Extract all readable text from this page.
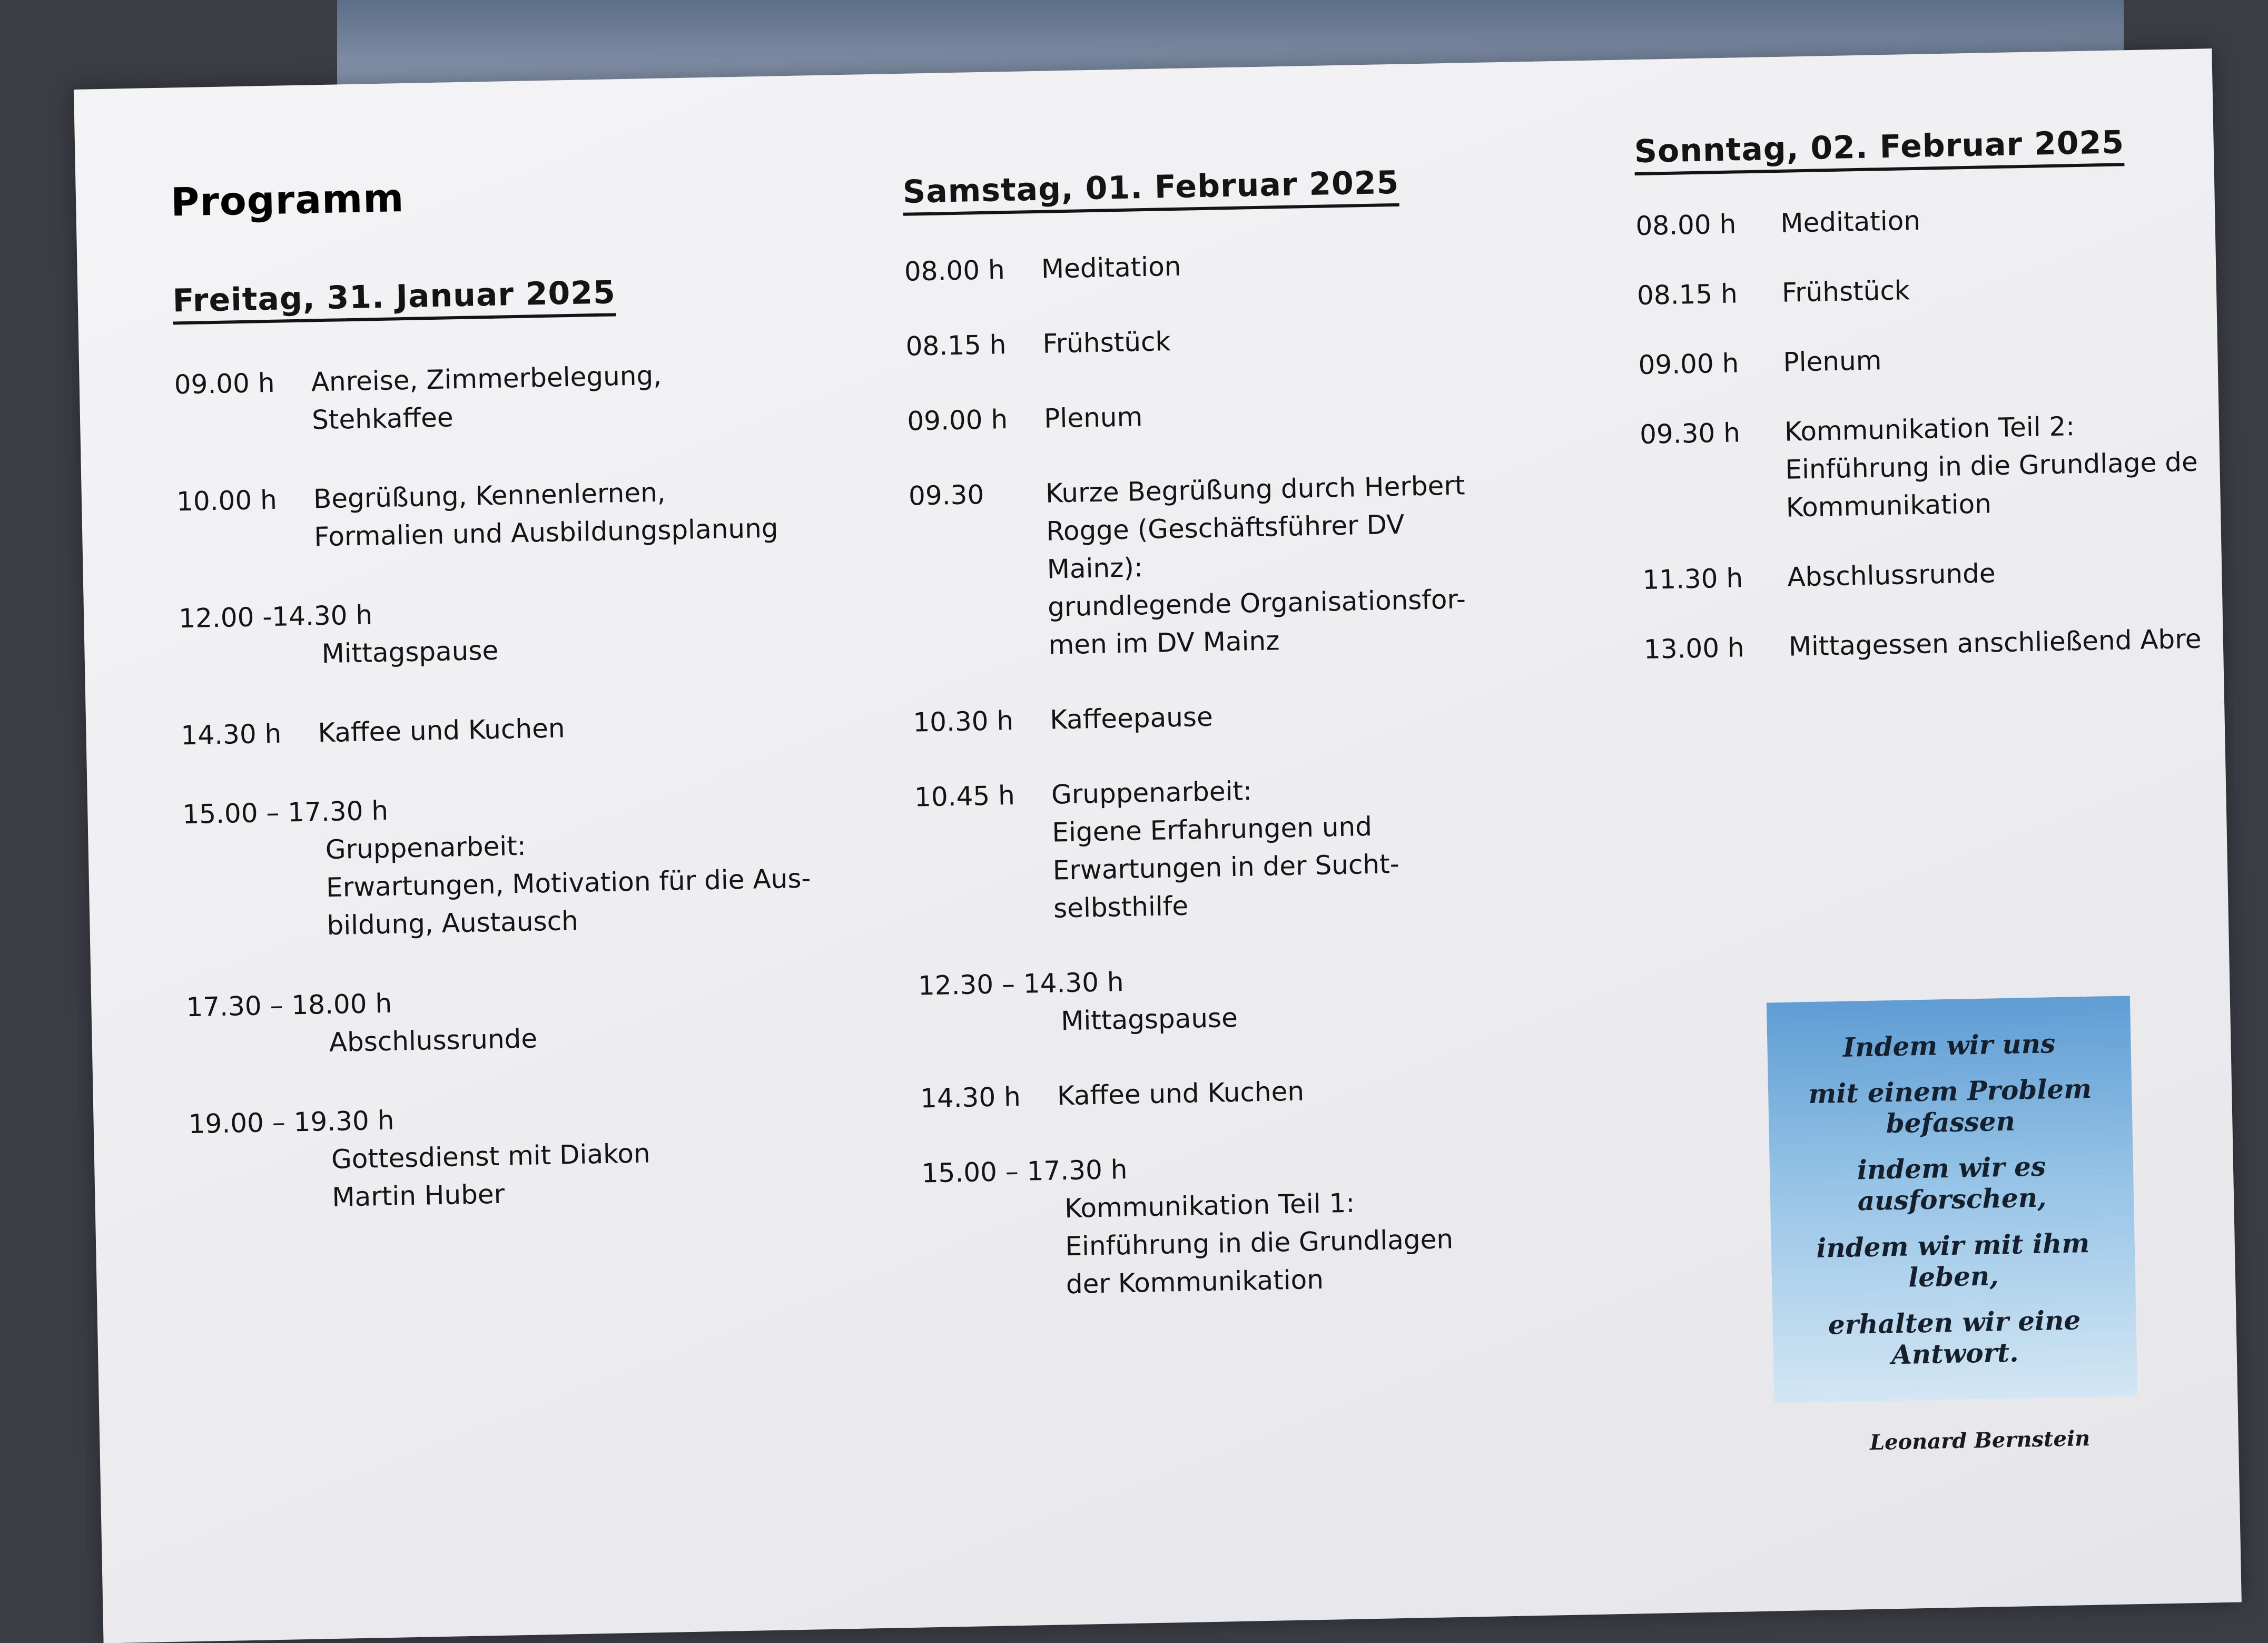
Programm
Freitag, 31. Januar 2025
09.00 h	Anreise, Zimmerbelegung,
Stehkaffee
10.00 h	Begrüßung, Kennenlernen,
Formalien und Ausbildungsplanung
12.00 -14.30 h
Mittagspause
14.30 h	Kaffee und Kuchen
15.00 – 17.30 h
Gruppenarbeit:
Erwartungen, Motivation für die Aus-
bildung, Austausch
17.30 – 18.00 h
Abschlussrunde
19.00 – 19.30 h
Gottesdienst mit Diakon
Martin Huber
Samstag, 01. Februar 2025
08.00 h	Meditation
08.15 h	Frühstück
09.00 h	Plenum
09.30	Kurze Begrüßung durch Herbert
Rogge (Geschäftsführer DV
Mainz):
grundlegende Organisationsfor-
men im DV Mainz
10.30 h	Kaffeepause
10.45 h	Gruppenarbeit:
Eigene Erfahrungen und
Erwartungen in der Sucht-
selbsthilfe
12.30 – 14.30 h
Mittagspause
14.30 h	Kaffee und Kuchen
15.00 – 17.30 h
Kommunikation Teil 1:
Einführung in die Grundlagen
der Kommunikation
Sonntag, 02. Februar 2025
08.00 h	Meditation
08.15 h	Frühstück
09.00 h	Plenum
09.30 h	Kommunikation Teil 2:
Einführung in die Grundlage de
Kommunikation
11.30 h	Abschlussrunde
13.00 h	Mittagessen anschließend Abre
Indem wir uns
mit einem Problem befassen
indem wir es ausforschen,
indem wir mit ihm leben,
erhalten wir eine Antwort.
Leonard Bernstein
